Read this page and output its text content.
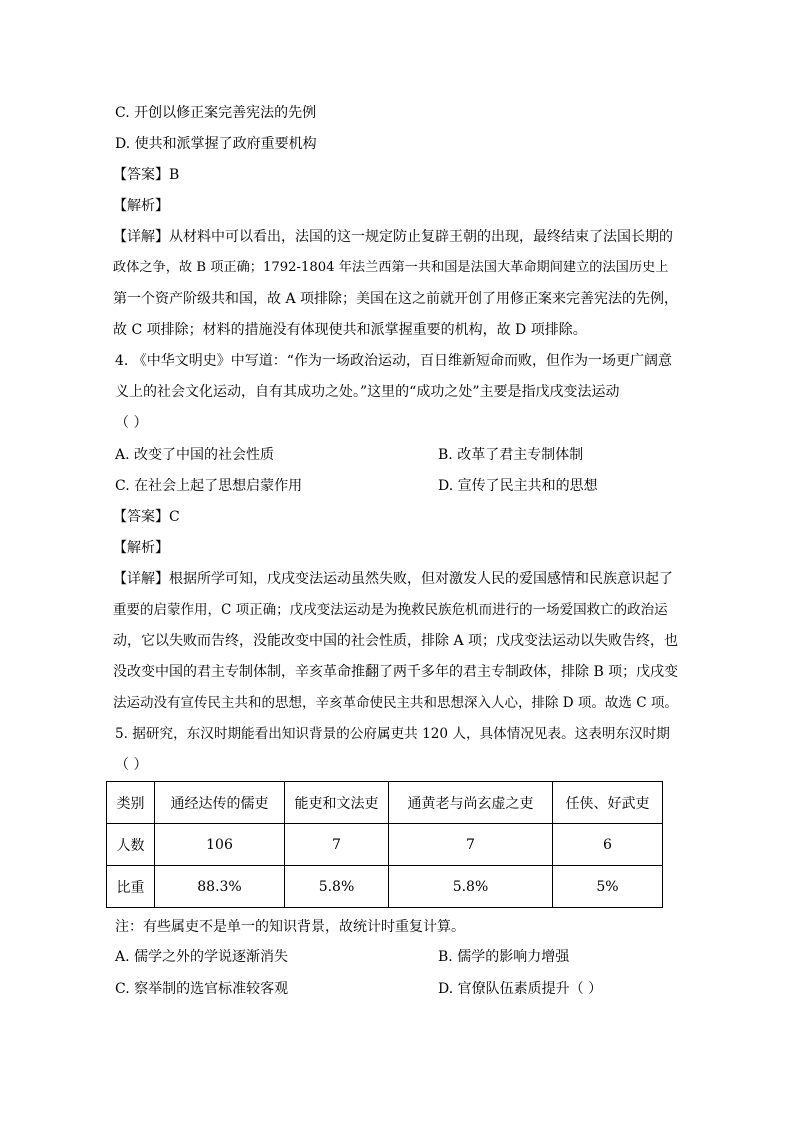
C. 开创以修正案完善宪法的先例
D. 使共和派掌握了政府重要机构
【答案】B
【解析】
【详解】从材料中可以看出，法国的这一规定防止复辟王朝的出现，最终结束了法国长期的
政体之争，故 B 项正确；1792-1804 年法兰西第一共和国是法国大革命期间建立的法国历史上
第一个资产阶级共和国，故 A 项排除；美国在这之前就开创了用修正案来完善宪法的先例，
故 C 项排除；材料的措施没有体现使共和派掌握重要的机构，故 D 项排除。
4. 《中华文明史》中写道：“作为一场政治运动，百日维新短命而败，但作为一场更广阔意
义上的社会文化运动，自有其成功之处。”这里的“成功之处”主要是指戊戌变法运动
（ ）
A. 改变了中国的社会性质	B. 改革了君主专制体制
C. 在社会上起了思想启蒙作用	D. 宣传了民主共和的思想
【答案】C
【解析】
【详解】根据所学可知，戊戌变法运动虽然失败，但对激发人民的爱国感情和民族意识起了
重要的启蒙作用，C 项正确；戊戌变法运动是为挽救民族危机而进行的一场爱国救亡的政治运
动，它以失败而告终，没能改变中国的社会性质，排除 A 项；戊戌变法运动以失败告终，也
没改变中国的君主专制体制，辛亥革命推翻了两千多年的君主专制政体，排除 B 项；戊戌变
法运动没有宣传民主共和的思想，辛亥革命使民主共和思想深入人心，排除 D 项。故选 C 项。
5. 据研究，东汉时期能看出知识背景的公府属吏共 120 人，具体情况见表。这表明东汉时期
（ ）
类别	通经达传的儒吏	能吏和文法吏	通黄老与尚玄虚之吏	任侠、好武吏
人数	106	7	7	6
比重	88.3%	5.8%	5.8%	5%
注：有些属吏不是单一的知识背景，故统计时重复计算。
A. 儒学之外的学说逐渐消失	B. 儒学的影响力增强
C. 察举制的选官标准较客观	D. 官僚队伍素质提升（ ）
